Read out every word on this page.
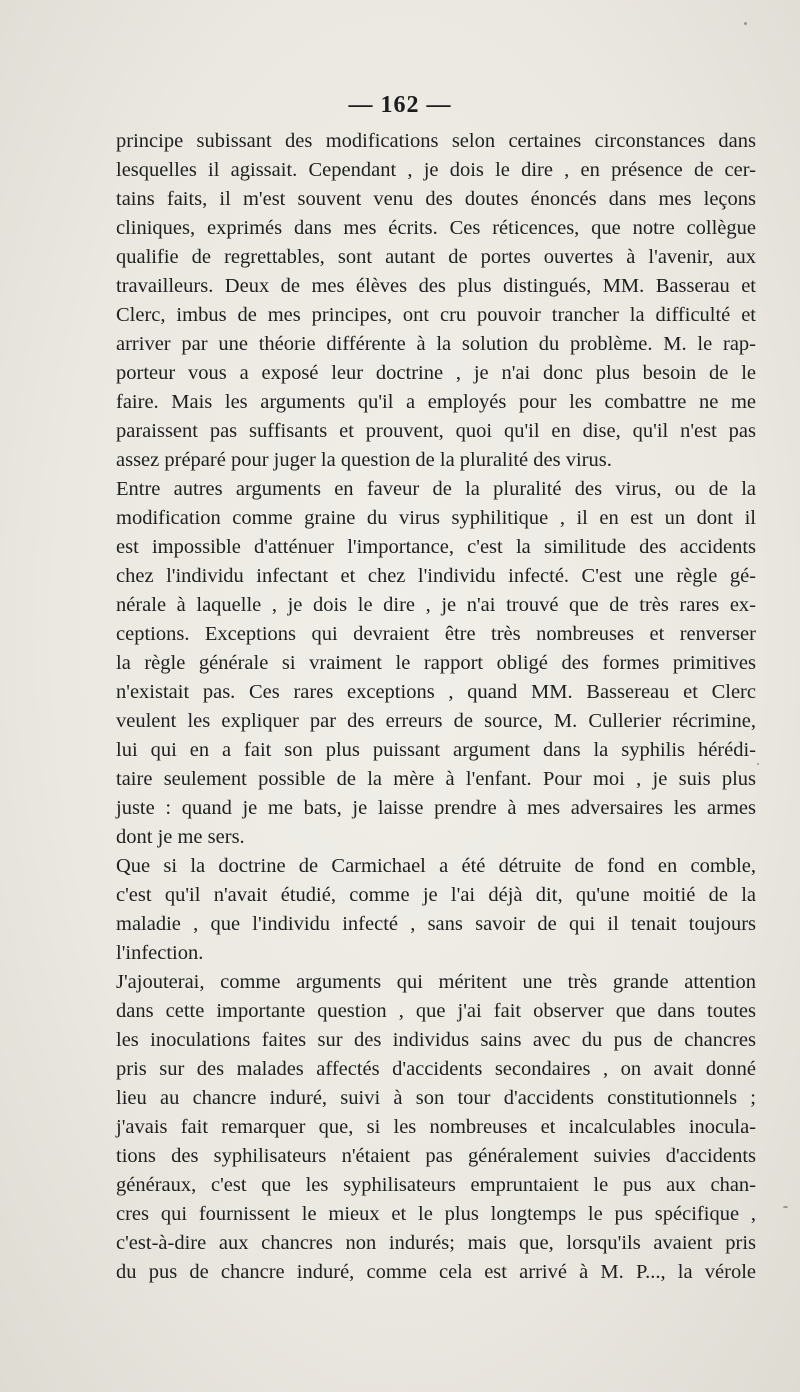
— 162 —
principe subissant des modifications selon certaines circonstances dans
lesquelles il agissait. Cependant , je dois le dire , en présence de cer-
tains faits, il m'est souvent venu des doutes énoncés dans mes leçons
cliniques, exprimés dans mes écrits. Ces réticences, que notre collègue
qualifie de regrettables, sont autant de portes ouvertes à l'avenir, aux
travailleurs. Deux de mes élèves des plus distingués, MM. Basserau et
Clerc, imbus de mes principes, ont cru pouvoir trancher la difficulté et
arriver par une théorie différente à la solution du problème. M. le rap-
porteur vous a exposé leur doctrine , je n'ai donc plus besoin de le
faire. Mais les arguments qu'il a employés pour les combattre ne me
paraissent pas suffisants et prouvent, quoi qu'il en dise, qu'il n'est pas
assez préparé pour juger la question de la pluralité des virus.
Entre autres arguments en faveur de la pluralité des virus, ou de la
modification comme graine du virus syphilitique , il en est un dont il
est impossible d'atténuer l'importance, c'est la similitude des accidents
chez l'individu infectant et chez l'individu infecté. C'est une règle gé-
nérale à laquelle , je dois le dire , je n'ai trouvé que de très rares ex-
ceptions. Exceptions qui devraient être très nombreuses et renverser
la règle générale si vraiment le rapport obligé des formes primitives
n'existait pas. Ces rares exceptions , quand MM. Bassereau et Clerc
veulent les expliquer par des erreurs de source, M. Cullerier récrimine,
lui qui en a fait son plus puissant argument dans la syphilis hérédi-
taire seulement possible de la mère à l'enfant. Pour moi , je suis plus
juste : quand je me bats, je laisse prendre à mes adversaires les armes
dont je me sers.
Que si la doctrine de Carmichael a été détruite de fond en comble,
c'est qu'il n'avait étudié, comme je l'ai déjà dit, qu'une moitié de la
maladie , que l'individu infecté , sans savoir de qui il tenait toujours
l'infection.
J'ajouterai, comme arguments qui méritent une très grande attention
dans cette importante question , que j'ai fait observer que dans toutes
les inoculations faites sur des individus sains avec du pus de chancres
pris sur des malades affectés d'accidents secondaires , on avait donné
lieu au chancre induré, suivi à son tour d'accidents constitutionnels ;
j'avais fait remarquer que, si les nombreuses et incalculables inocula-
tions des syphilisateurs n'étaient pas généralement suivies d'accidents
généraux, c'est que les syphilisateurs empruntaient le pus aux chan-
cres qui fournissent le mieux et le plus longtemps le pus spécifique ,
c'est-à-dire aux chancres non indurés; mais que, lorsqu'ils avaient pris
du pus de chancre induré, comme cela est arrivé à M. P..., la vérole
